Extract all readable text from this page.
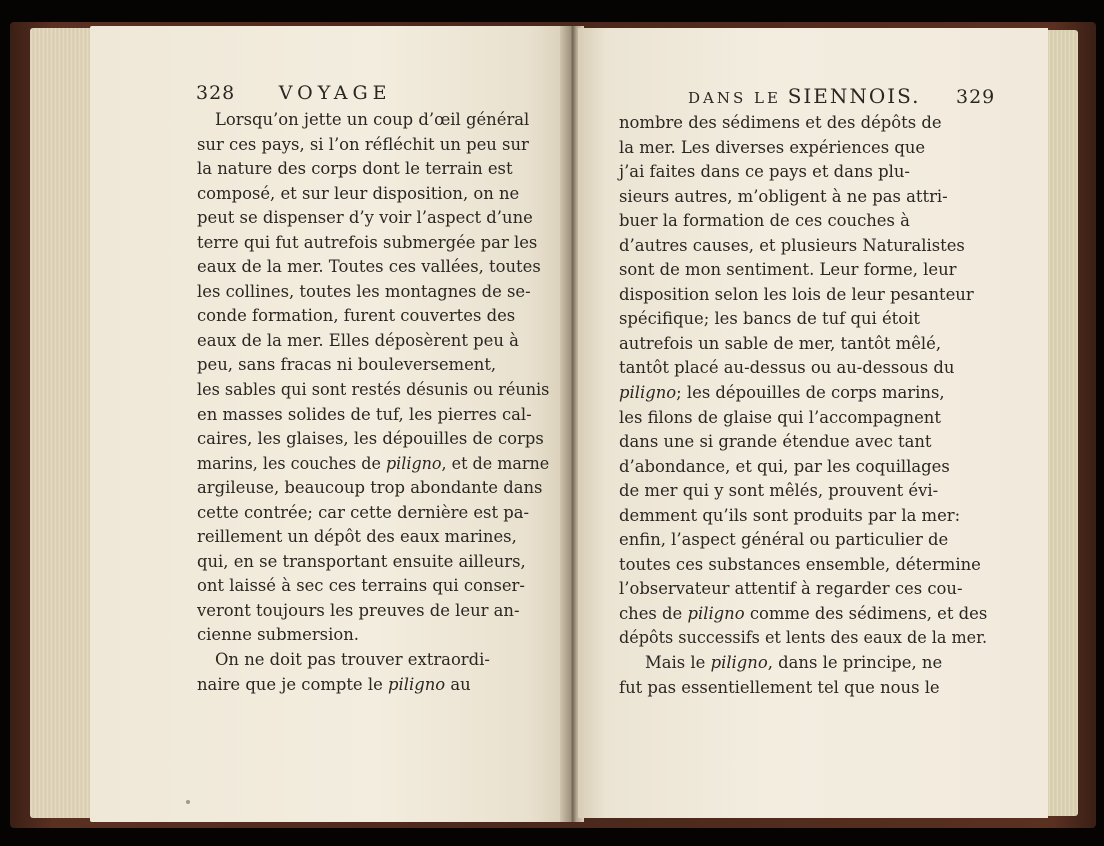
328 VOYAGE
Lorsqu’on jette un coup d’œil général
sur ces pays, si l’on réfléchit un peu sur
la nature des corps dont le terrain est
composé, et sur leur disposition, on ne
peut se dispenser d’y voir l’aspect d’une
terre qui fut autrefois submergée par les
eaux de la mer. Toutes ces vallées, toutes
les collines, toutes les montagnes de se-
conde formation, furent couvertes des
eaux de la mer. Elles déposèrent peu à
peu, sans fracas ni bouleversement,
les sables qui sont restés désunis ou réunis
en masses solides de tuf, les pierres cal-
caires, les glaises, les dépouilles de corps
marins, les couches de piligno, et de marne
argileuse, beaucoup trop abondante dans
cette contrée; car cette dernière est pa-
reillement un dépôt des eaux marines,
qui, en se transportant ensuite ailleurs,
ont laissé à sec ces terrains qui conser-
veront toujours les preuves de leur an-
cienne submersion.
On ne doit pas trouver extraordi-
naire que je compte le piligno au
DANS LE SIENNOIS. 329
nombre des sédimens et des dépôts de
la mer. Les diverses expériences que
j’ai faites dans ce pays et dans plu-
sieurs autres, m’obligent à ne pas attri-
buer la formation de ces couches à
d’autres causes, et plusieurs Naturalistes
sont de mon sentiment. Leur forme, leur
disposition selon les lois de leur pesanteur
spécifique; les bancs de tuf qui étoit
autrefois un sable de mer, tantôt mêlé,
tantôt placé au-dessus ou au-dessous du
piligno; les dépouilles de corps marins,
les filons de glaise qui l’accompagnent
dans une si grande étendue avec tant
d’abondance, et qui, par les coquillages
de mer qui y sont mêlés, prouvent évi-
demment qu’ils sont produits par la mer:
enfin, l’aspect général ou particulier de
toutes ces substances ensemble, détermine
l’observateur attentif à regarder ces cou-
ches de piligno comme des sédimens, et des
dépôts successifs et lents des eaux de la mer.
Mais le piligno, dans le principe, ne
fut pas essentiellement tel que nous le
